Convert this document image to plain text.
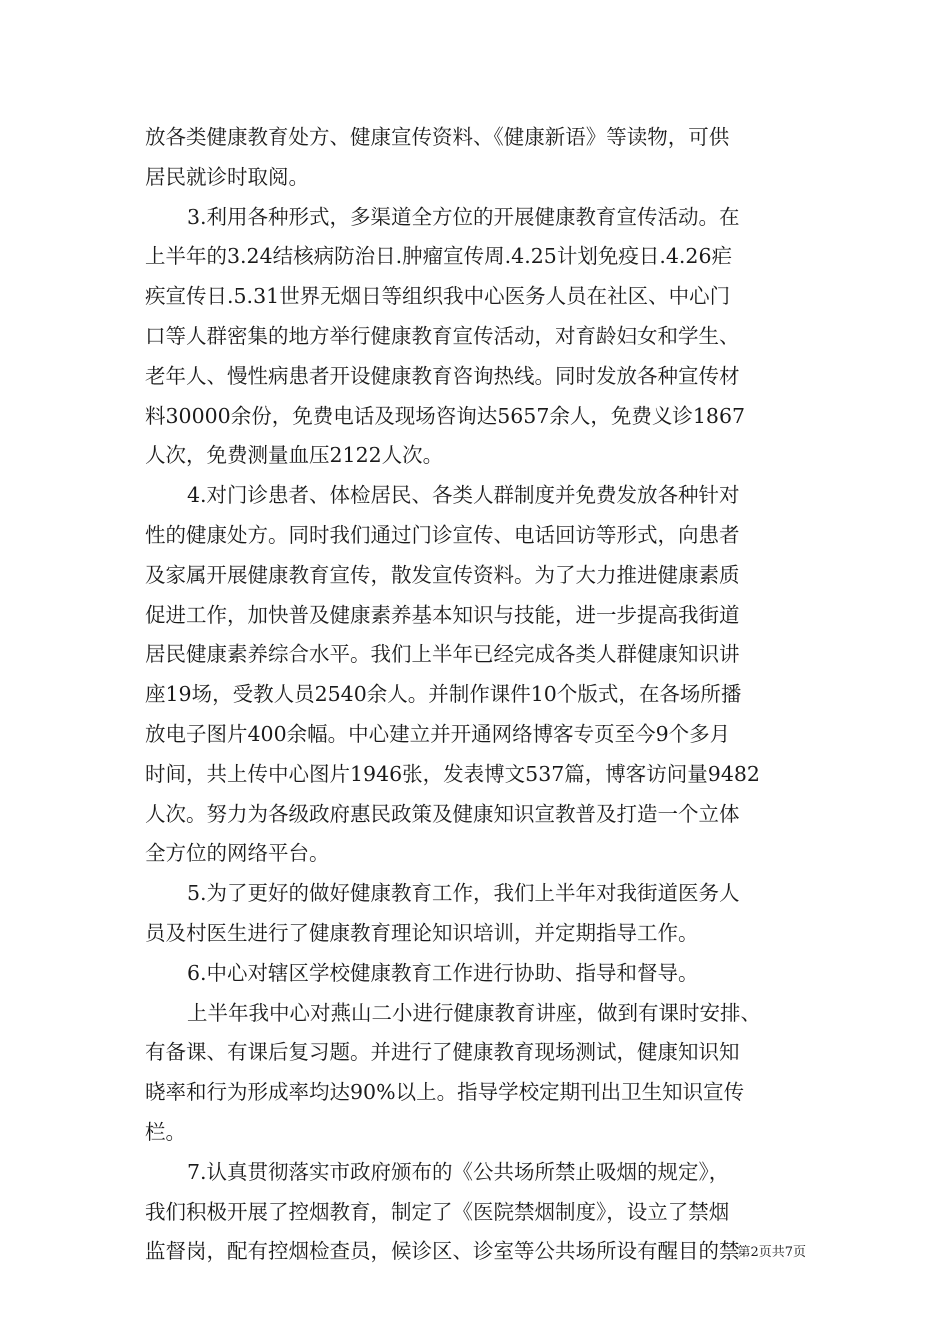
放各类健康教育处方、健康宣传资料、《健康新语》等读物，可供
居民就诊时取阅。
3.利用各种形式，多渠道全方位的开展健康教育宣传活动。在
上半年的3.24结核病防治日.肿瘤宣传周.4.25计划免疫日.4.26疟
疾宣传日.5.31世界无烟日等组织我中心医务人员在社区、中心门
口等人群密集的地方举行健康教育宣传活动，对育龄妇女和学生、
老年人、慢性病患者开设健康教育咨询热线。同时发放各种宣传材
料30000余份，免费电话及现场咨询达5657余人，免费义诊1867
人次，免费测量血压2122人次。
4.对门诊患者、体检居民、各类人群制度并免费发放各种针对
性的健康处方。同时我们通过门诊宣传、电话回访等形式，向患者
及家属开展健康教育宣传，散发宣传资料。为了大力推进健康素质
促进工作，加快普及健康素养基本知识与技能，进一步提高我街道
居民健康素养综合水平。我们上半年已经完成各类人群健康知识讲
座19场，受教人员2540余人。并制作课件10个版式，在各场所播
放电子图片400余幅。中心建立并开通网络博客专页至今9个多月
时间，共上传中心图片1946张，发表博文537篇，博客访问量9482
人次。努力为各级政府惠民政策及健康知识宣教普及打造一个立体
全方位的网络平台。
5.为了更好的做好健康教育工作，我们上半年对我街道医务人
员及村医生进行了健康教育理论知识培训，并定期指导工作。
6.中心对辖区学校健康教育工作进行协助、指导和督导。
上半年我中心对燕山二小进行健康教育讲座，做到有课时安排、
有备课、有课后复习题。并进行了健康教育现场测试，健康知识知
晓率和行为形成率均达90%以上。指导学校定期刊出卫生知识宣传
栏。
7.认真贯彻落实市政府颁布的《公共场所禁止吸烟的规定》，
我们积极开展了控烟教育，制定了《医院禁烟制度》，设立了禁烟
监督岗，配有控烟检查员，候诊区、诊室等公共场所设有醒目的禁
第2页共7页
